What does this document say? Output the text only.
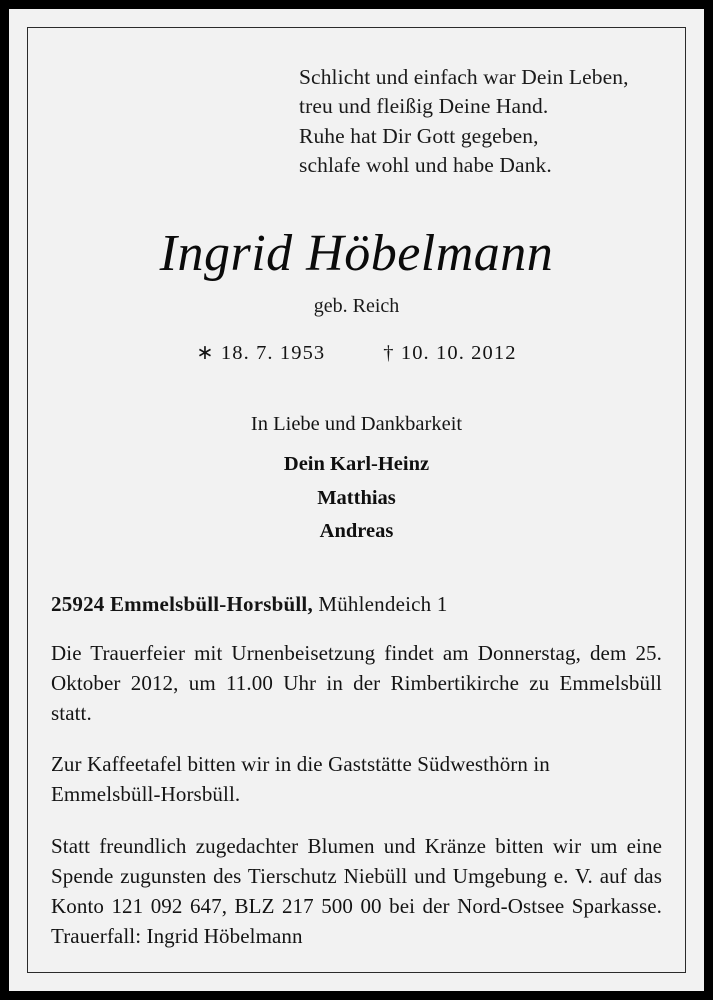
Schlicht und einfach war Dein Leben,
treu und fleißig Deine Hand.
Ruhe hat Dir Gott gegeben,
schlafe wohl und habe Dank.
Ingrid Höbelmann
geb. Reich
∗ 18. 7. 1953	† 10. 10. 2012
In Liebe und Dankbarkeit
Dein Karl-Heinz
Matthias
Andreas
25924 Emmelsbüll-Horsbüll, Mühlendeich 1
Die Trauerfeier mit Urnenbeisetzung findet am Donnerstag, dem 25. Oktober 2012, um 11.00 Uhr in der Rimbertikirche zu Emmelsbüll statt.
Zur Kaffeetafel bitten wir in die Gaststätte Südwesthörn in Emmelsbüll-Horsbüll.
Statt freundlich zugedachter Blumen und Kränze bitten wir um eine Spende zugunsten des Tierschutz Niebüll und Umgebung e. V. auf das Konto 121 092 647, BLZ 217 500 00 bei der Nord-Ostsee Sparkasse. Trauerfall: Ingrid Höbelmann
